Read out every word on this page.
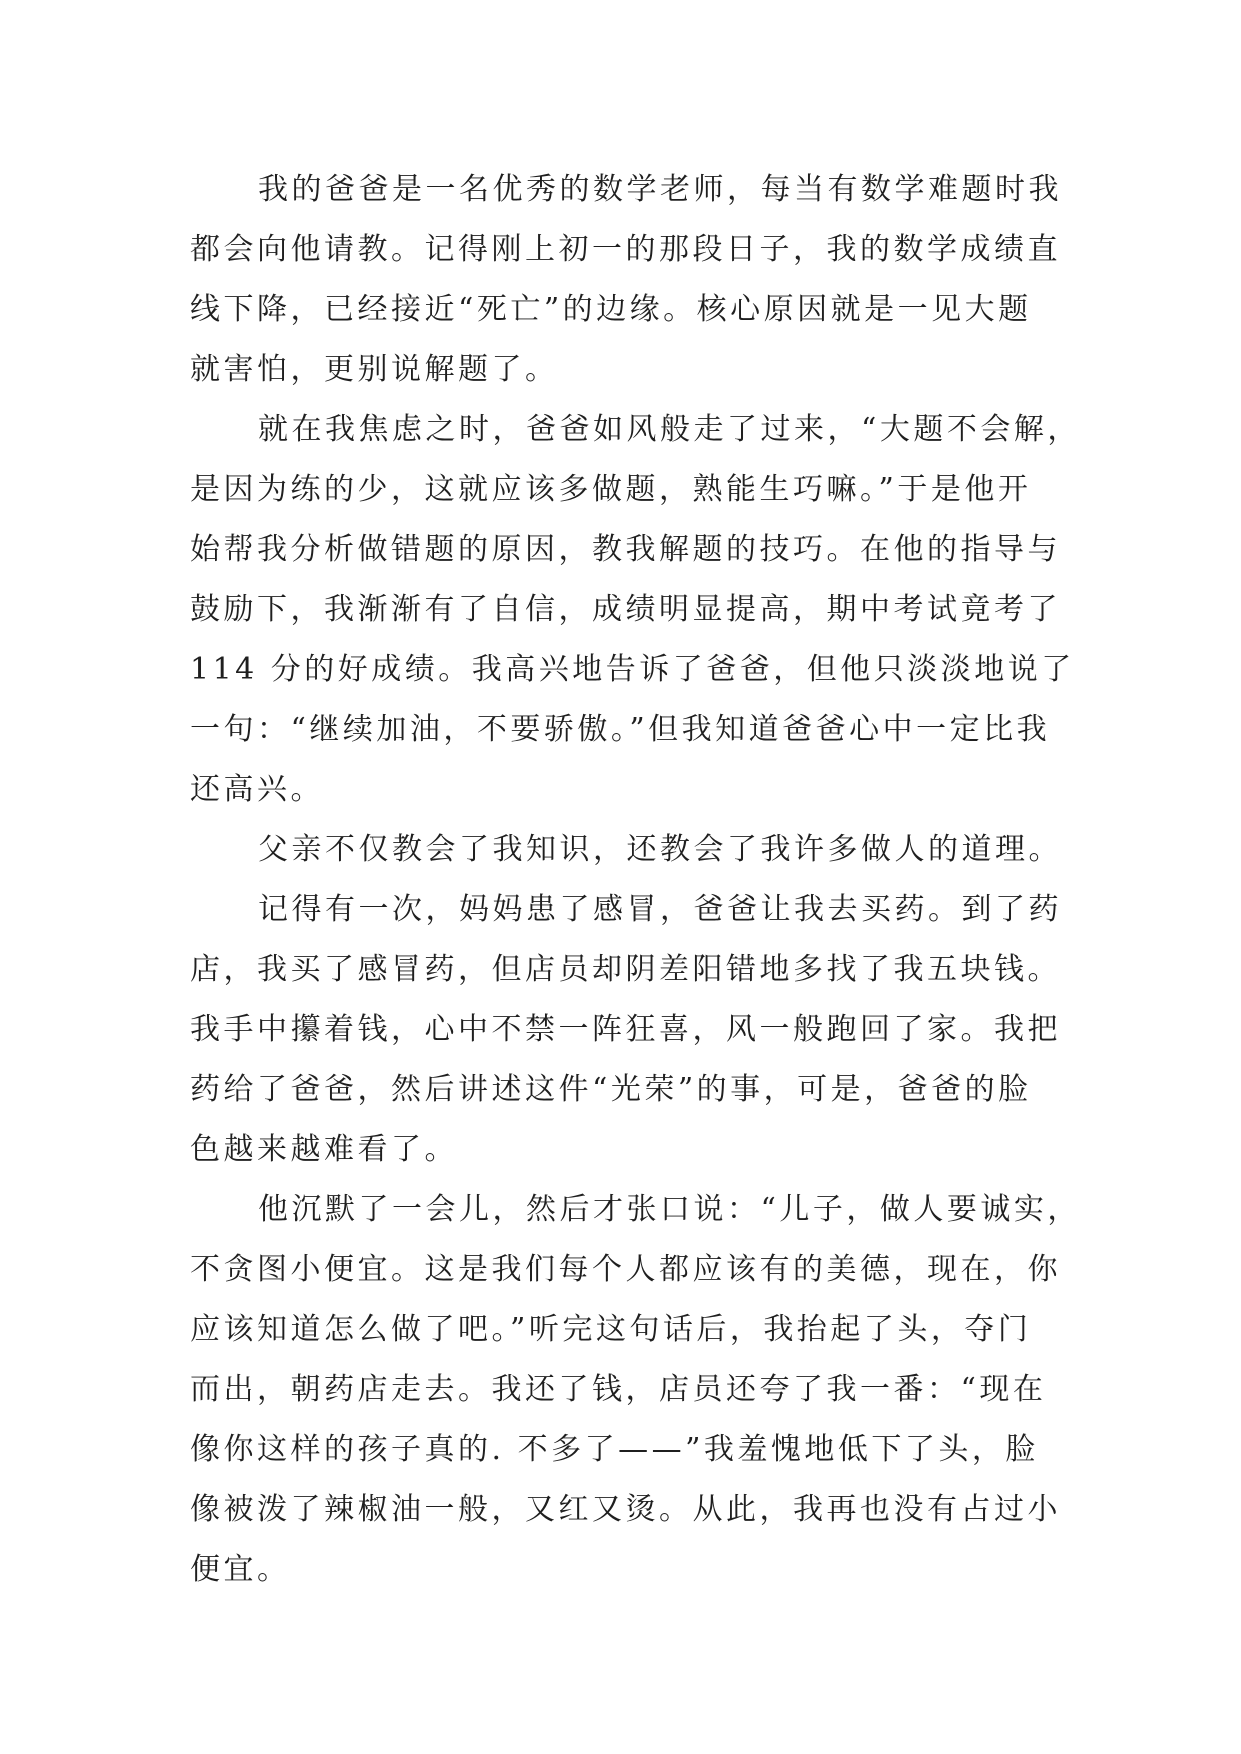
我的爸爸是一名优秀的数学老师，每当有数学难题时我
都会向他请教。记得刚上初一的那段日子，我的数学成绩直
线下降，已经接近“死亡”的边缘。核心原因就是一见大题
就害怕，更别说解题了。
就在我焦虑之时，爸爸如风般走了过来，“大题不会解，
是因为练的少，这就应该多做题，熟能生巧嘛。”于是他开
始帮我分析做错题的原因，教我解题的技巧。在他的指导与
鼓励下，我渐渐有了自信，成绩明显提高，期中考试竟考了
114 分的好成绩。我高兴地告诉了爸爸，但他只淡淡地说了
一句：“继续加油，不要骄傲。”但我知道爸爸心中一定比我
还高兴。
父亲不仅教会了我知识，还教会了我许多做人的道理。
记得有一次，妈妈患了感冒，爸爸让我去买药。到了药
店，我买了感冒药，但店员却阴差阳错地多找了我五块钱。
我手中攥着钱，心中不禁一阵狂喜，风一般跑回了家。我把
药给了爸爸，然后讲述这件“光荣”的事，可是，爸爸的脸
色越来越难看了。
他沉默了一会儿，然后才张口说：“儿子，做人要诚实，
不贪图小便宜。这是我们每个人都应该有的美德，现在，你
应该知道怎么做了吧。”听完这句话后，我抬起了头，夺门
而出，朝药店走去。我还了钱，店员还夸了我一番：“现在
像你这样的孩子真的. 不多了——”我羞愧地低下了头，脸
像被泼了辣椒油一般，又红又烫。从此，我再也没有占过小
便宜。
